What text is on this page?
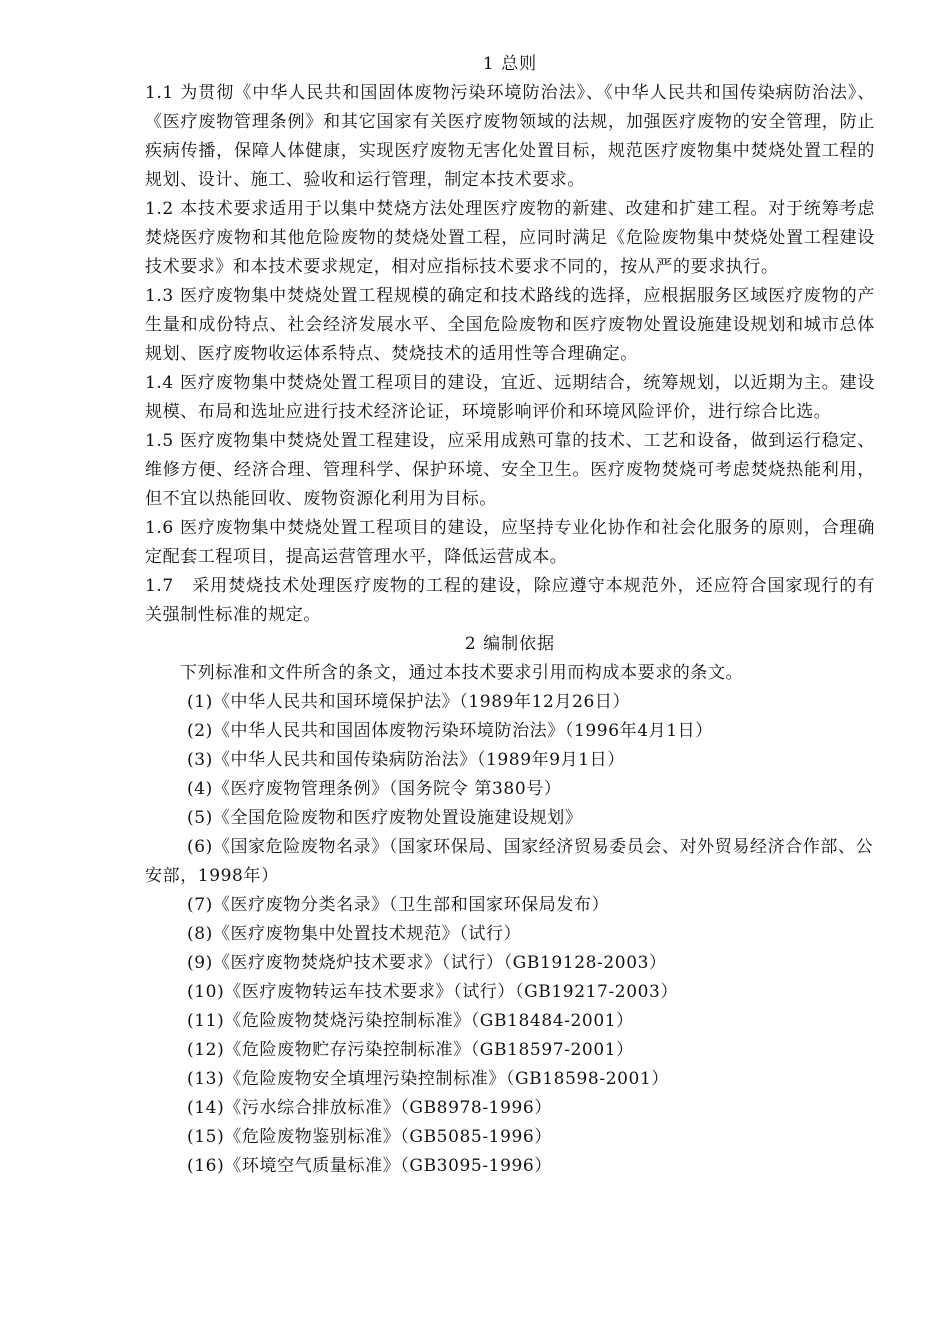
1 总则

1.1 为贯彻《中华人民共和国固体废物污染环境防治法》、《中华人民共和国传染病防治法》、《医疗废物管理条例》和其它国家有关医疗废物领域的法规，加强医疗废物的安全管理，防止疾病传播，保障人体健康，实现医疗废物无害化处置目标，规范医疗废物集中焚烧处置工程的规划、设计、施工、验收和运行管理，制定本技术要求。

1.2 本技术要求适用于以集中焚烧方法处理医疗废物的新建、改建和扩建工程。对于统筹考虑焚烧医疗废物和其他危险废物的焚烧处置工程，应同时满足《危险废物集中焚烧处置工程建设技术要求》和本技术要求规定，相对应指标技术要求不同的，按从严的要求执行。

1.3 医疗废物集中焚烧处置工程规模的确定和技术路线的选择，应根据服务区域医疗废物的产生量和成份特点、社会经济发展水平、全国危险废物和医疗废物处置设施建设规划和城市总体规划、医疗废物收运体系特点、焚烧技术的适用性等合理确定。

1.4 医疗废物集中焚烧处置工程项目的建设，宜近、远期结合，统筹规划，以近期为主。建设规模、布局和选址应进行技术经济论证，环境影响评价和环境风险评价，进行综合比选。

1.5 医疗废物集中焚烧处置工程建设，应采用成熟可靠的技术、工艺和设备，做到运行稳定、维修方便、经济合理、管理科学、保护环境、安全卫生。医疗废物焚烧可考虑焚烧热能利用，但不宜以热能回收、废物资源化利用为目标。

1.6 医疗废物集中焚烧处置工程项目的建设，应坚持专业化协作和社会化服务的原则，合理确定配套工程项目，提高运营管理水平，降低运营成本。

1.7　采用焚烧技术处理医疗废物的工程的建设，除应遵守本规范外，还应符合国家现行的有关强制性标准的规定。

2 编制依据

下列标准和文件所含的条文，通过本技术要求引用而构成本要求的条文。

(1)《中华人民共和国环境保护法》（1989年12月26日）

(2)《中华人民共和国固体废物污染环境防治法》（1996年4月1日）

(3)《中华人民共和国传染病防治法》（1989年9月1日）

(4)《医疗废物管理条例》（国务院令 第380号）

(5)《全国危险废物和医疗废物处置设施建设规划》

(6)《国家危险废物名录》（国家环保局、国家经济贸易委员会、对外贸易经济合作部、公安部，1998年）

(7)《医疗废物分类名录》（卫生部和国家环保局发布）

(8)《医疗废物集中处置技术规范》（试行）

(9)《医疗废物焚烧炉技术要求》（试行）（GB19128-2003）

(10)《医疗废物转运车技术要求》（试行）（GB19217-2003）

(11)《危险废物焚烧污染控制标准》（GB18484-2001）

(12)《危险废物贮存污染控制标准》（GB18597-2001）

(13)《危险废物安全填埋污染控制标准》（GB18598-2001）

(14)《污水综合排放标准》（GB8978-1996）

(15)《危险废物鉴别标准》（GB5085-1996）

(16)《环境空气质量标准》（GB3095-1996）
